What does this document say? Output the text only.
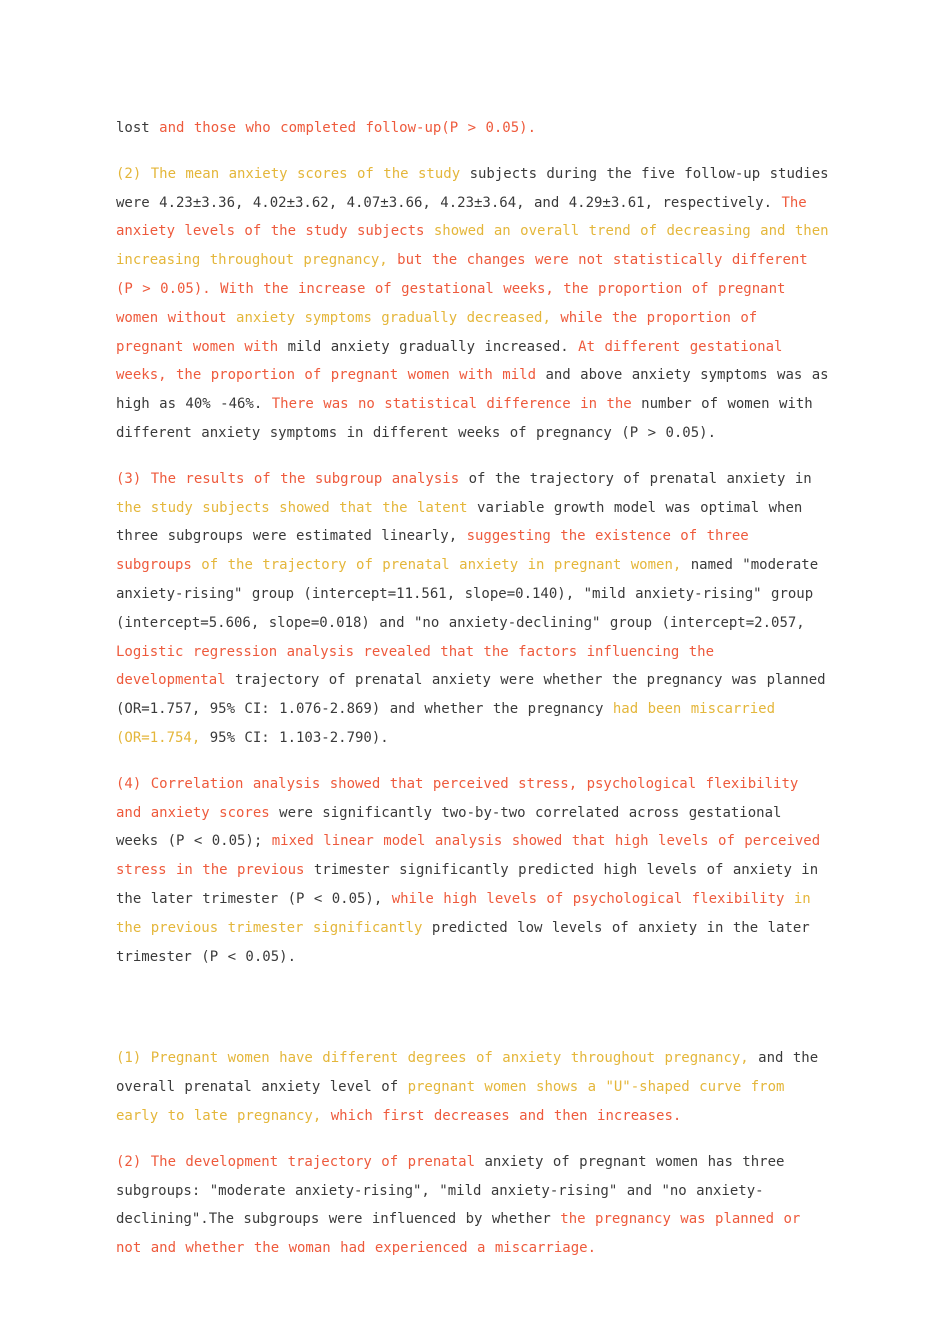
lost and those who completed follow-up(P > 0.05).

(2) The mean anxiety scores of the study subjects during the five follow-up studies were 4.23±3.36, 4.02±3.62, 4.07±3.66, 4.23±3.64, and 4.29±3.61, respectively. The anxiety levels of the study subjects showed an overall trend of decreasing and then increasing throughout pregnancy, but the changes were not statistically different (P > 0.05). With the increase of gestational weeks, the proportion of pregnant women without anxiety symptoms gradually decreased, while the proportion of pregnant women with mild anxiety gradually increased. At different gestational weeks, the proportion of pregnant women with mild and above anxiety symptoms was as high as 40% -46%. There was no statistical difference in the number of women with different anxiety symptoms in different weeks of pregnancy (P > 0.05).

(3) The results of the subgroup analysis of the trajectory of prenatal anxiety in the study subjects showed that the latent variable growth model was optimal when three subgroups were estimated linearly, suggesting the existence of three subgroups of the trajectory of prenatal anxiety in pregnant women, named "moderate anxiety-rising" group (intercept=11.561, slope=0.140), "mild anxiety-rising" group (intercept=5.606, slope=0.018) and "no anxiety-declining" group (intercept=2.057, Logistic regression analysis revealed that the factors influencing the developmental trajectory of prenatal anxiety were whether the pregnancy was planned (OR=1.757, 95% CI: 1.076-2.869) and whether the pregnancy had been miscarried (OR=1.754, 95% CI: 1.103-2.790).

(4) Correlation analysis showed that perceived stress, psychological flexibility and anxiety scores were significantly two-by-two correlated across gestational weeks (P < 0.05); mixed linear model analysis showed that high levels of perceived stress in the previous trimester significantly predicted high levels of anxiety in the later trimester (P < 0.05), while high levels of psychological flexibility in the previous trimester significantly predicted low levels of anxiety in the later trimester (P < 0.05).

(1) Pregnant women have different degrees of anxiety throughout pregnancy, and the overall prenatal anxiety level of pregnant women shows a "U"-shaped curve from early to late pregnancy, which first decreases and then increases.

(2) The development trajectory of prenatal anxiety of pregnant women has three subgroups: "moderate anxiety-rising", "mild anxiety-rising" and "no anxiety-declining".The subgroups were influenced by whether the pregnancy was planned or not and whether the woman had experienced a miscarriage.
